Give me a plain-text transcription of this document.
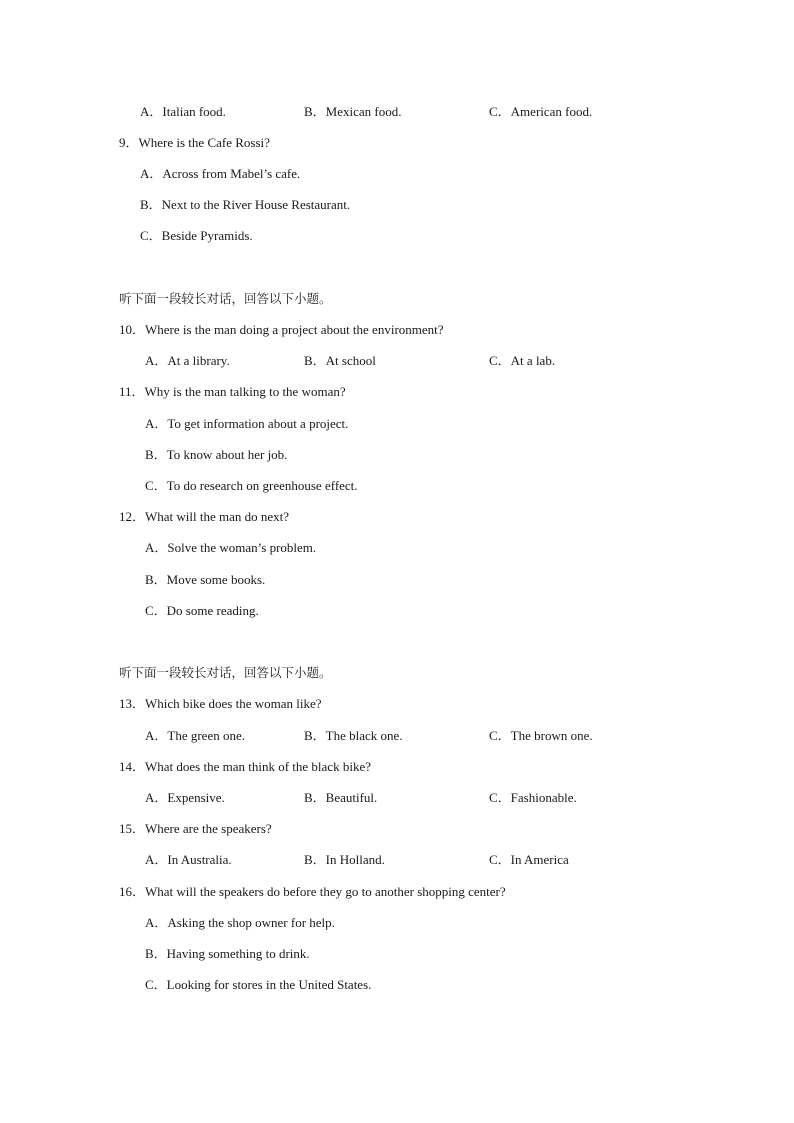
A．Italian food.	B．Mexican food.	C．American food.
9．Where is the Cafe Rossi?
A．Across from Mabel’s cafe.
B．Next to the River House Restaurant.
C．Beside Pyramids.
听下面一段较长对话，回答以下小题。
10．Where is the man doing a project about the environment?
A．At a library.	B．At school	C．At a lab.
11．Why is the man talking to the woman?
A．To get information about a project.
B．To know about her job.
C．To do research on greenhouse effect.
12．What will the man do next?
A．Solve the woman’s problem.
B．Move some books.
C．Do some reading.
听下面一段较长对话，回答以下小题。
13．Which bike does the woman like?
A．The green one.	B．The black one.	C．The brown one.
14．What does the man think of the black bike?
A．Expensive.	B．Beautiful.	C．Fashionable.
15．Where are the speakers?
A．In Australia.	B．In Holland.	C．In America
16．What will the speakers do before they go to another shopping center?
A．Asking the shop owner for help.
B．Having something to drink.
C．Looking for stores in the United States.
